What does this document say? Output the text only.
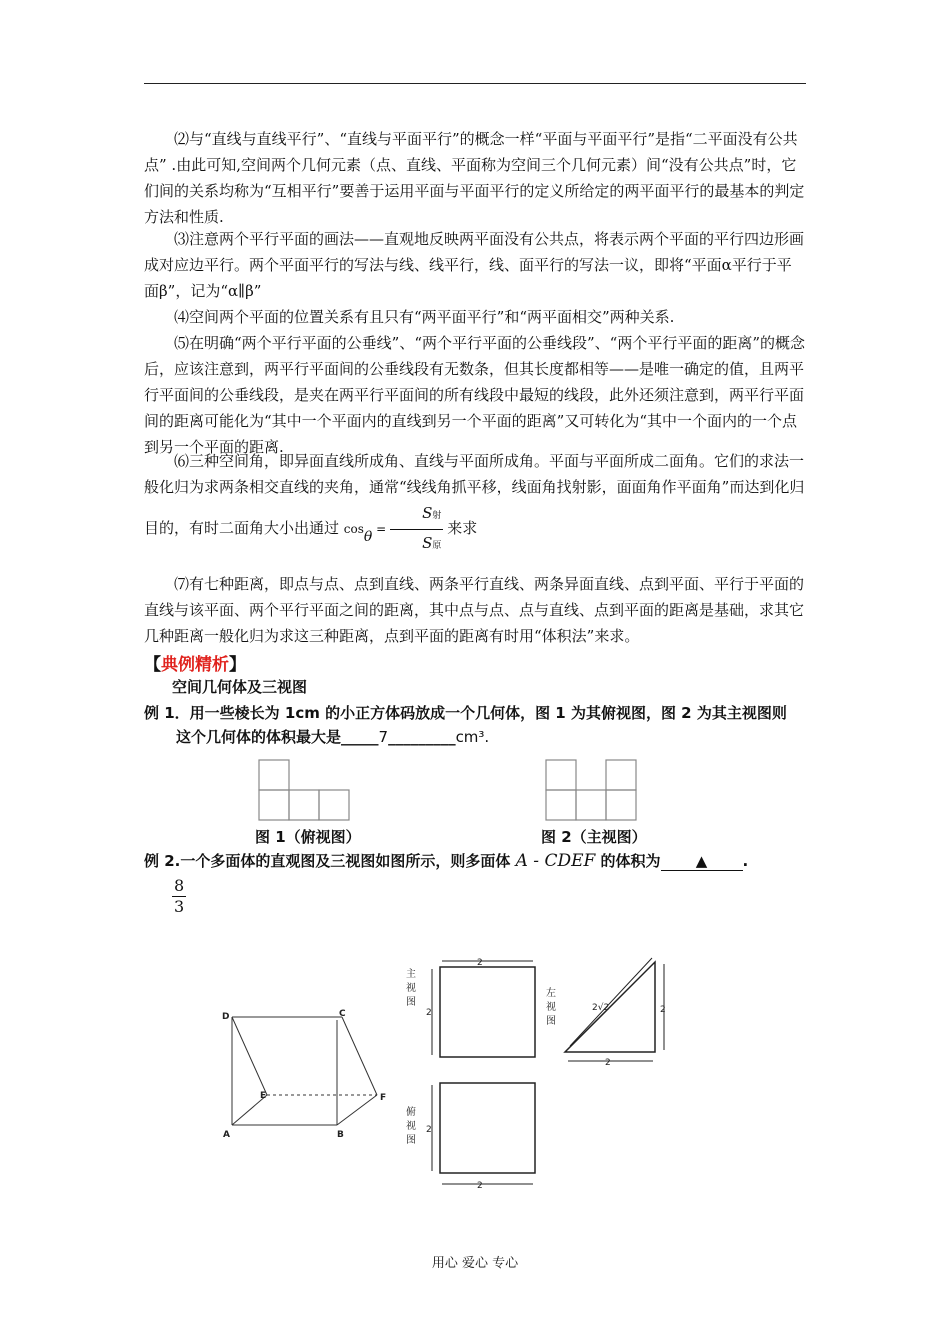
⑵与“直线与直线平行”、“直线与平面平行”的概念一样“平面与平面平行”是指“二平面没有公共点” .由此可知,空间两个几何元素（点、直线、平面称为空间三个几何元素）间“没有公共点”时，它们间的关系均称为“互相平行”要善于运用平面与平面平行的定义所给定的两平面平行的最基本的判定方法和性质.
⑶注意两个平行平面的画法——直观地反映两平面没有公共点，将表示两个平面的平行四边形画成对应边平行。两个平面平行的写法与线、线平行，线、面平行的写法一议，即将“平面α平行于平面β”，记为“α∥β”
⑷空间两个平面的位置关系有且只有“两平面平行”和“两平面相交”两种关系.
⑸在明确“两个平行平面的公垂线”、“两个平行平面的公垂线段”、“两个平行平面的距离”的概念后，应该注意到，两平行平面间的公垂线段有无数条，但其长度都相等——是唯一确定的值，且两平行平面间的公垂线段，是夹在两平行平面间的所有线段中最短的线段，此外还须注意到，两平行平面间的距离可能化为“其中一个平面内的直线到另一个平面的距离”又可转化为“其中一个面内的一个点到另一个平面的距离.
⑹三种空间角，即异面直线所成角、直线与平面所成角。平面与平面所成二面角。它们的求法一般化归为求两条相交直线的夹角，通常“线线角抓平移，线面角找射影，面面角作平面角”而达到化归目的，有时二面角大小出通过 $\cos\theta = \frac{\text{S射}}{\text{S原}}$ 来求
⑺有七种距离，即点与点、点到直线、两条平行直线、两条异面直线、点到平面、平行于平面的直线与该平面、两个平行平面之间的距离，其中点与点、点与直线、点到平面的距离是基础，求其它几种距离一般化归为求这三种距离，点到平面的距离有时用“体积法”来求。
【典例精析】
空间几何体及三视图
例 1．用一些棱长为 1cm 的小正方体码放成一个几何体，图 1 为其俯视图，图 2 为其主视图则
这个几何体的体积最大是_____7_________cm³.
图 1（俯视图）	图 2（主视图）
例 2.一个多面体的直观图及三视图如图所示，则多面体 A - CDEF 的体积为 ▲ .
$\frac{8}{3}$
D	C
E	F
A	B
2
2
主
视
图	2√2	2
2
左
视
图
2
2
俯
视
图
用心 爱心 专心
